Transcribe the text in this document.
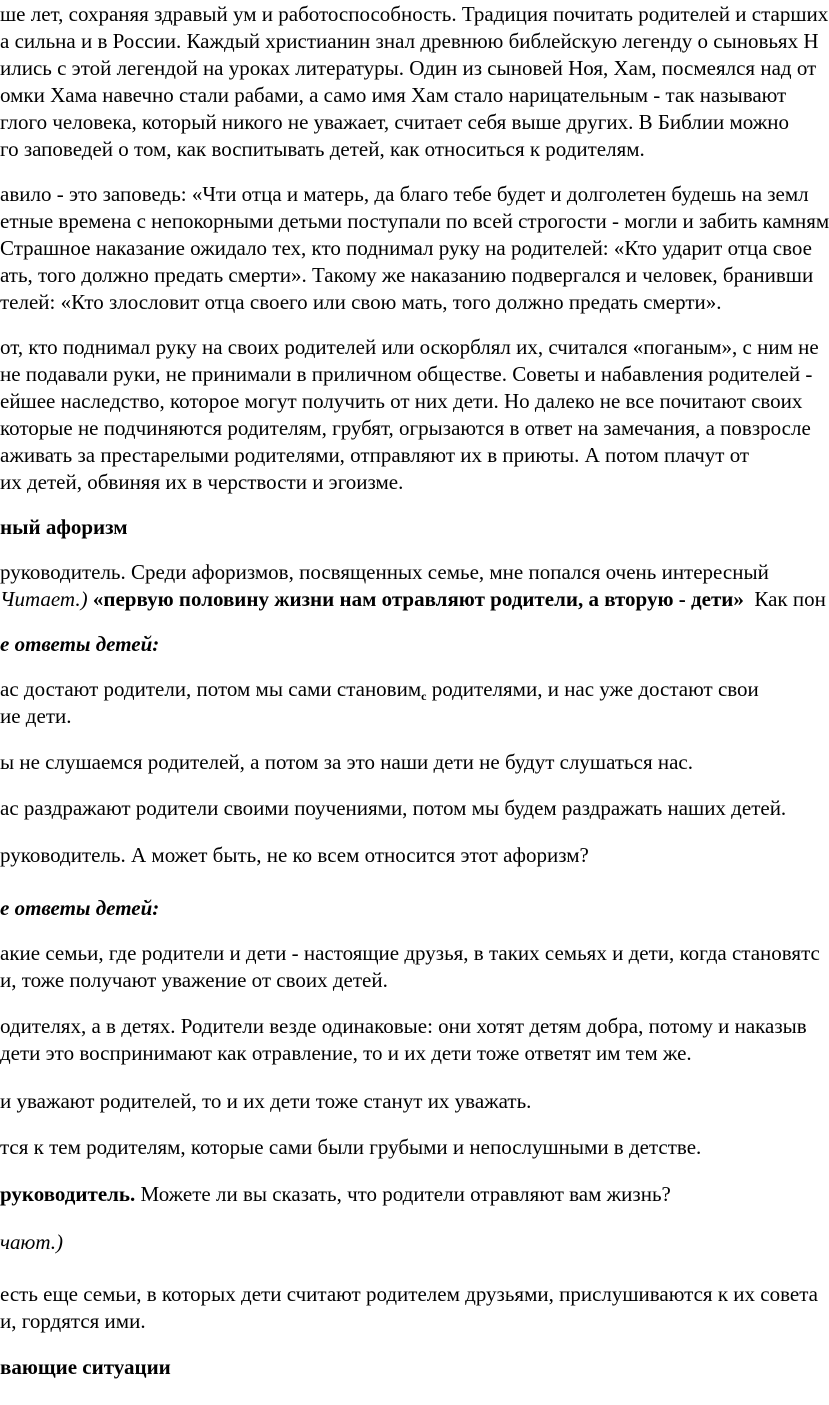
ше лет, сохраняя здравый ум и работоспособность. Традиция почитать родителей и старших
а сильна и в России. Каждый христианин знал древнюю библейскую легенду о сыновьях Н
ились с этой легендой на уроках литературы. Один из сыновей Ноя, Хам, посмеялся над от
омки Хама навечно стали рабами, а само имя Хам стало нарицательным - так называют
глого человека, который никого не уважает, считает себя выше других. В Библии можно
го заповедей о том, как воспитывать детей, как относиться к родителям.
авило - это заповедь: «Чти отца и матерь, да благо тебе будет и долголетен будешь на земл
етные времена с непокорными детьми поступали по всей строгости - могли и забить камням
Страшное наказание ожидало тех, кто поднимал руку на родителей: «Кто ударит отца свое
ать, того должно предать смерти». Такому же наказанию подвергался и человек, бранивши
телей: «Кто злословит отца своего или свою мать, того должно предать смерти».
от, кто поднимал руку на своих родителей или оскорблял их, считался «поганым», с ним не
не подавали руки, не принимали в приличном обществе. Советы и набавления родителей -
ейшее наследство, которое могут получить от них дети. Но далеко не все почитают своих
которые не подчиняются родителям, грубят, огрызаются в ответ на замечания, а повзросле
аживать за престарелыми родителями, отправляют их в приюты. А потом плачут от
их детей, обвиняя их в черствости и эгоизме.
ный афоризм
руководитель. Среди афоризмов, посвященных семье, мне попался очень интересный
Читает.) «первую половину жизни нам отравляют родители, а вторую - дети» Как пон
е ответы детей:
ас достают родители, потом мы сами становим$_с$ родителями, и нас уже достают свои
ие дети.
ы не слушаемся родителей, а потом за это наши дети не будут слушаться нас.
ас раздражают родители своими поучениями, потом мы будем раздражать наших детей.
руководитель. А может быть, не ко всем относится этот афоризм?
е ответы детей:
акие семьи, где родители и дети - настоящие друзья, в таких семьях и дети, когда становятс
и, тоже получают уважение от своих детей.
одителях, а в детях. Родители везде одинаковые: они хотят детям добра, потому и наказыв
дети это воспринимают как отравление, то и их дети тоже ответят им тем же.
и уважают родителей, то и их дети тоже станут их уважать.
тся к тем родителям, которые сами были грубыми и непослушными в детстве.
руководитель. Можете ли вы сказать, что родители отравляют вам жизнь?
чают.)
есть еще семьи, в которых дети считают родителем друзьями, прислушиваются к их совета
и, гордятся ими.
вающие ситуации
